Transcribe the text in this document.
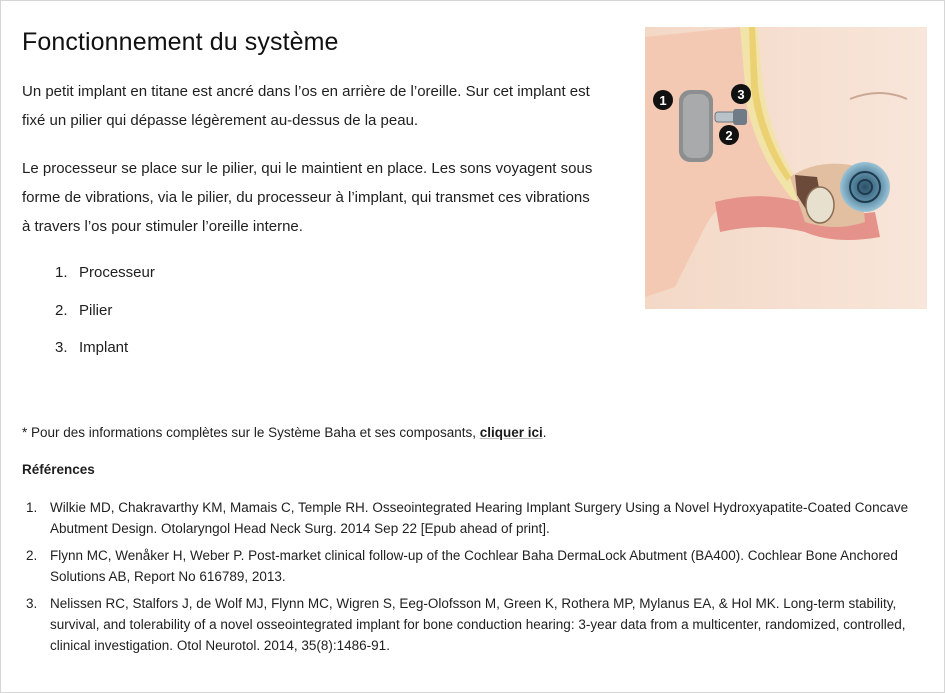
Fonctionnement du système

Un petit implant en titane est ancré dans l’os en arrière de l’oreille. Sur cet implant est fixé un pilier qui dépasse légèrement au-dessus de la peau.

Le processeur se place sur le pilier, qui le maintient en place. Les sons voyagent sous forme de vibrations, via le pilier, du processeur à l’implant, qui transmet ces vibrations à travers l’os pour stimuler l’oreille interne.

1. Processeur
2. Pilier
3. Implant
1
2
3
* Pour des informations complètes sur le Système Baha et ses composants, cliquer ici.
Références
1. Wilkie MD, Chakravarthy KM, Mamais C, Temple RH. Osseointegrated Hearing Implant Surgery Using a Novel Hydroxyapatite-Coated Concave Abutment Design. Otolaryngol Head Neck Surg. 2014 Sep 22 [Epub ahead of print].
2. Flynn MC, Wenåker H, Weber P. Post-market clinical follow-up of the Cochlear Baha DermaLock Abutment (BA400). Cochlear Bone Anchored Solutions AB, Report No 616789, 2013.
3. Nelissen RC, Stalfors J, de Wolf MJ, Flynn MC, Wigren S, Eeg-Olofsson M, Green K, Rothera MP, Mylanus EA, & Hol MK. Long-term stability, survival, and tolerability of a novel osseointegrated implant for bone conduction hearing: 3-year data from a multicenter, randomized, controlled, clinical investigation. Otol Neurotol. 2014, 35(8):1486-91.
